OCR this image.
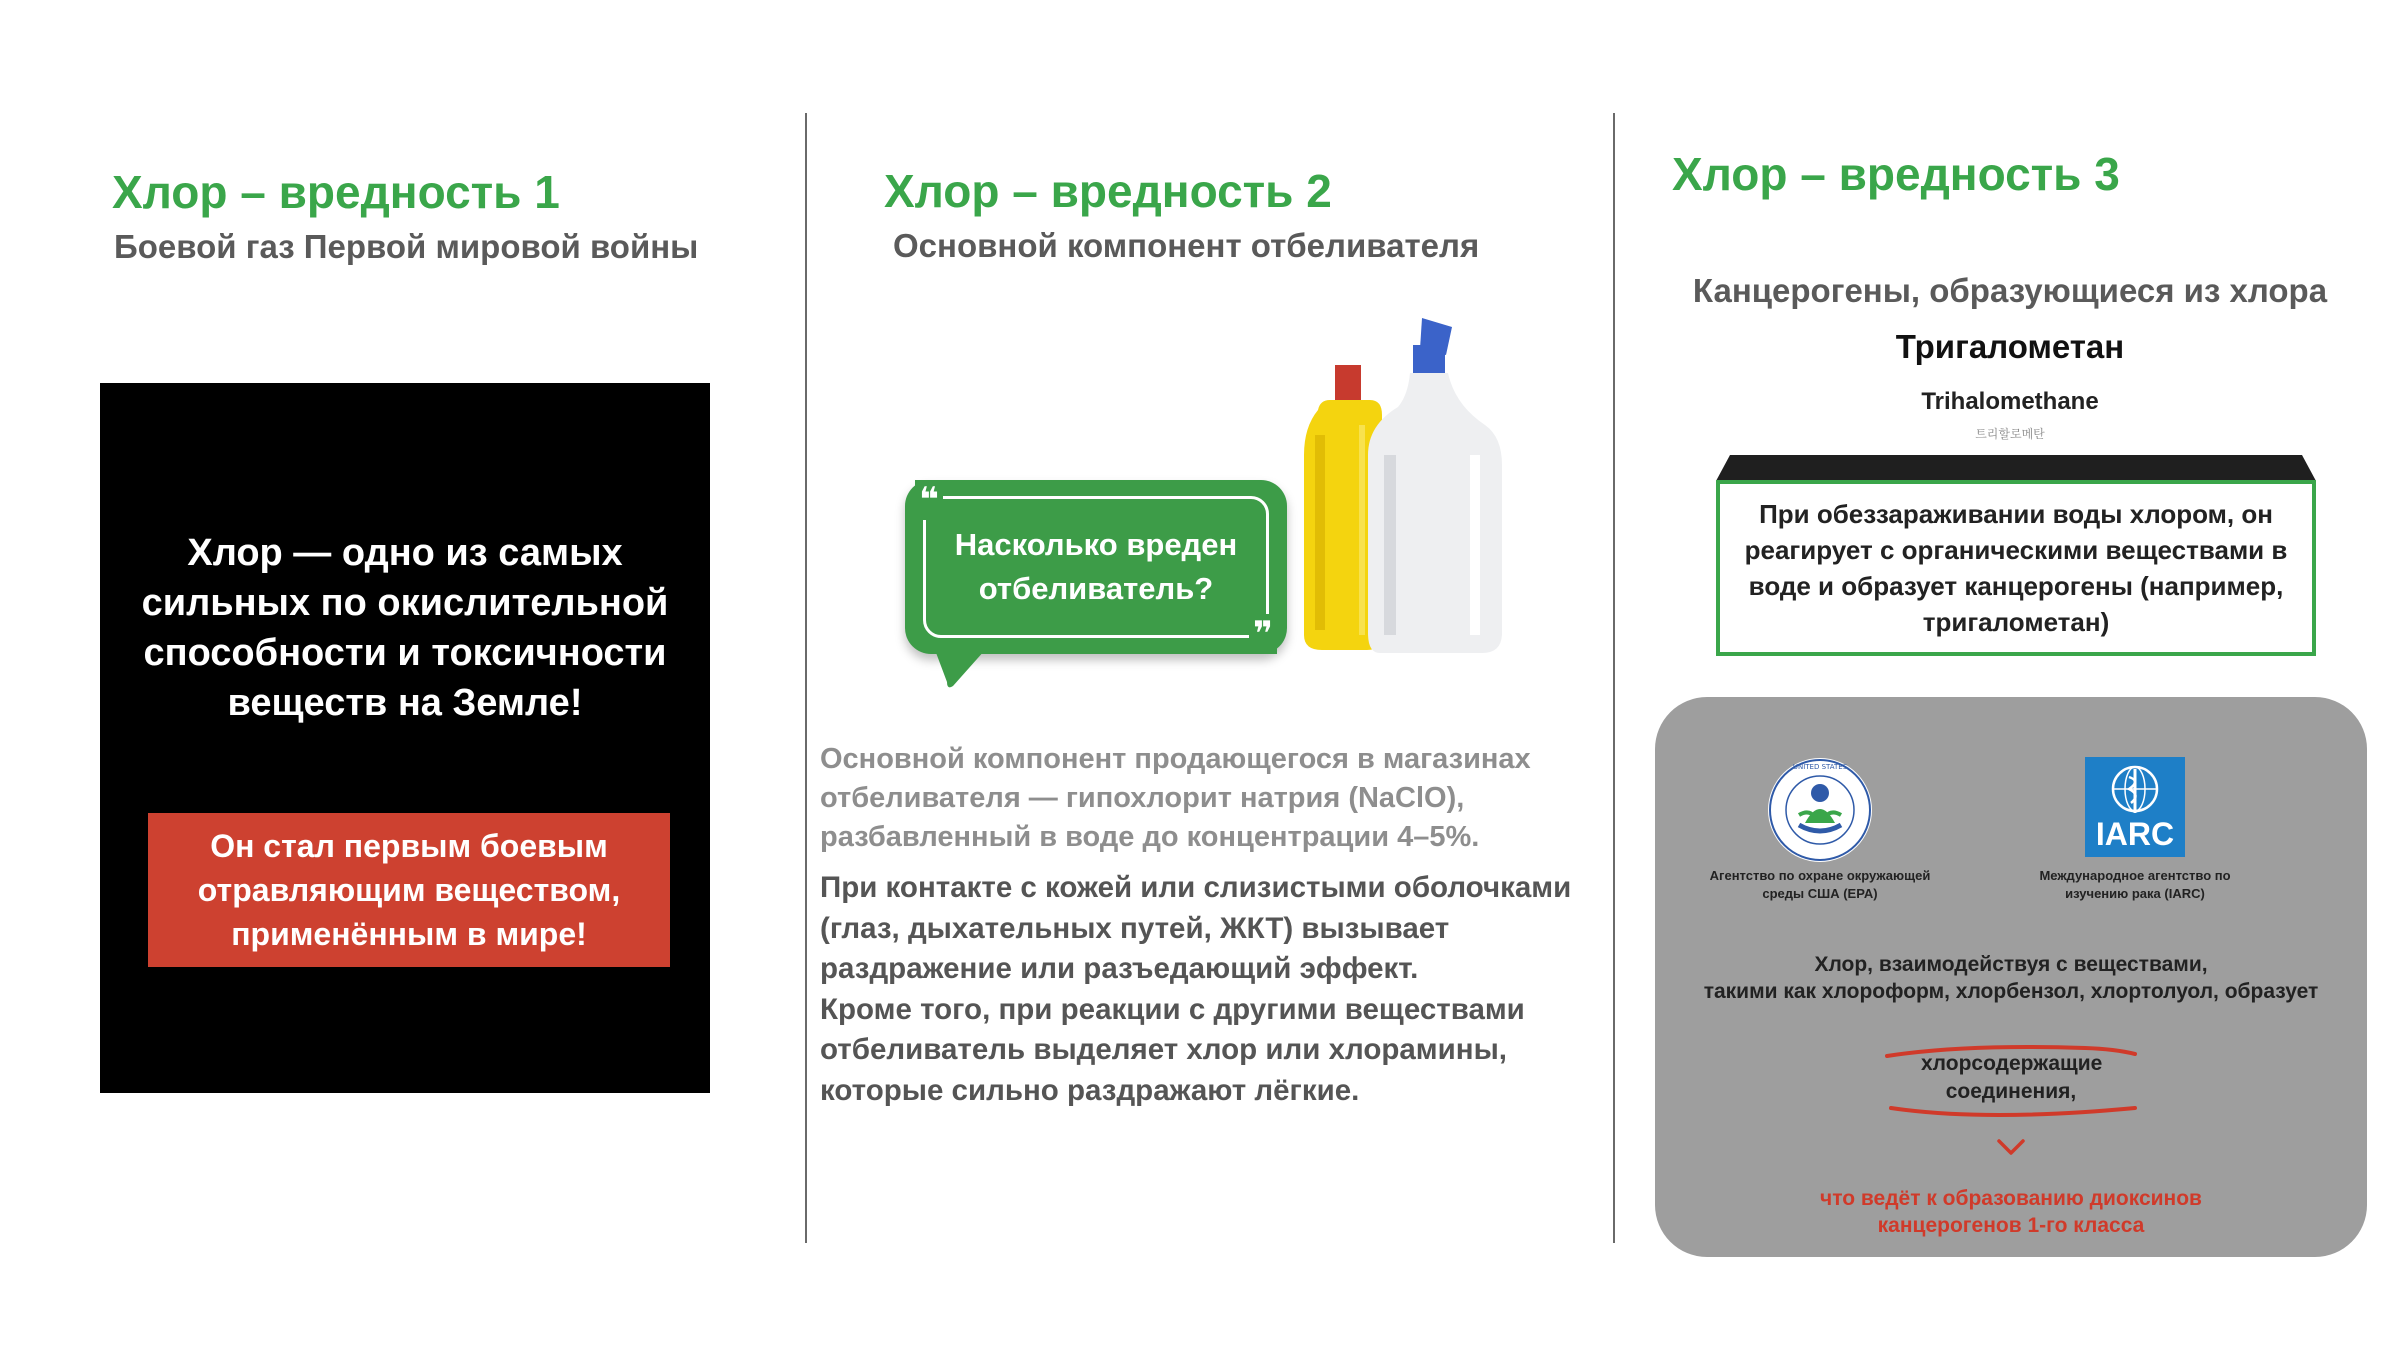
Хлор – вредность 1
Боевой газ Первой мировой войны
Хлор — одно из самых сильных по окислительной способности и токсичности веществ на Земле!
Он стал первым боевым отравляющим веществом, применённым в мире!
Хлор – вредность 2
Основной компонент отбеливателя
Насколько вреден отбеливатель?
❝
❞
Основной компонент продающегося в магазинах отбеливателя — гипохлорит натрия (NaClO), разбавленный в воде до концентрации 4–5%.
При контакте с кожей или слизистыми оболочками (глаз, дыхательных путей, ЖКТ) вызывает раздражение или разъедающий эффект.
Кроме того, при реакции с другими веществами отбеливатель выделяет хлор или хлорамины, которые сильно раздражают лёгкие.
Хлор – вредность 3
Канцерогены, образующиеся из хлора
Тригалометан
Trihalomethane
트리할로메탄
При обеззараживании воды хлором, он реагирует с органическими веществами в воде и образует канцерогены (например, тригалометан)
UNITED STATES
Агентство по охране окружающей среды США (EPA)
IARC
Международное агентство по изучению рака (IARC)
Хлор, взаимодействуя с веществами,
такими как хлороформ, хлорбензол, хлортолуол, образует
хлорсодержащие соединения,
что ведёт к образованию диоксинов
канцерогенов 1-го класса
